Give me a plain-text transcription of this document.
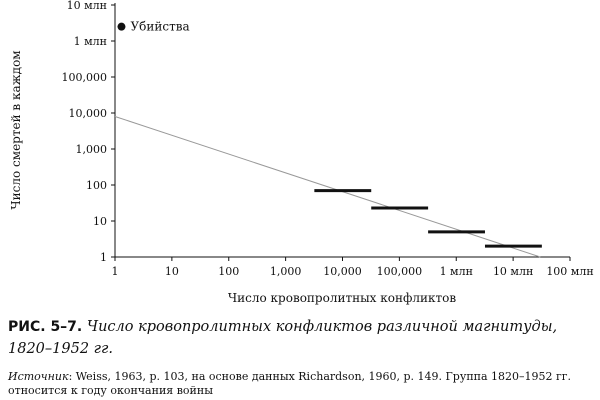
1	10	100	1,000 10,000 100,000 1 млн 10 млн 100 млн
1
10
100
1,000
10,000
100,000
1 млн
10 млн
Убийства
Число кровопролитных конфликтов
Число смертей в каждом
РИС. 5–7. Число кровопролитных конфликтов различной магнитуды, 1820–1952 гг.
Источник: Weiss, 1963, p. 103, на основе данных Richardson, 1960, p. 149. Группа 1820–1952 гг. относится к году окончания войны
